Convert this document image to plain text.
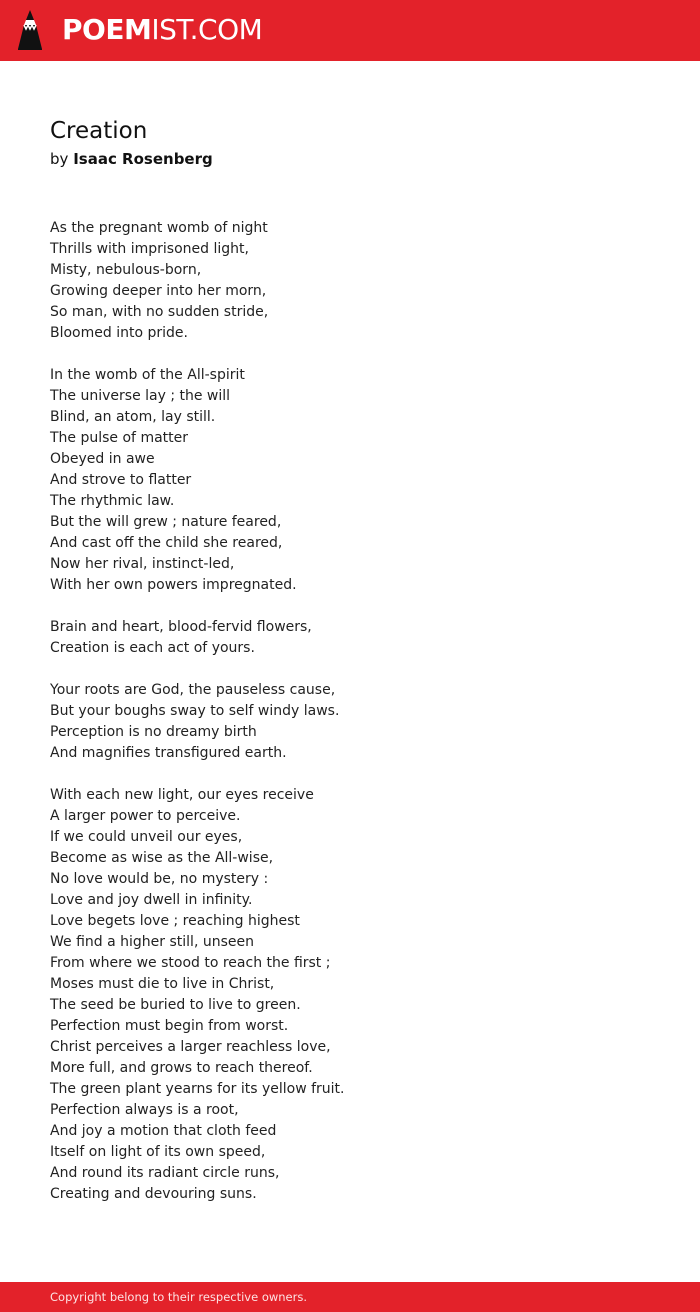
POEMIST.COM
Creation

by Isaac Rosenberg

As the pregnant womb of night
Thrills with imprisoned light,
Misty, nebulous-born,
Growing deeper into her morn,
So man, with no sudden stride,
Bloomed into pride.
In the womb of the All-spirit
The universe lay ; the will
Blind, an atom, lay still.
The pulse of matter
Obeyed in awe
And strove to flatter
The rhythmic law.
But the will grew ; nature feared,
And cast off the child she reared,
Now her rival, instinct-led,
With her own powers impregnated.
Brain and heart, blood-fervid flowers,
Creation is each act of yours.
Your roots are God, the pauseless cause,
But your boughs sway to self windy laws.
Perception is no dreamy birth
And magnifies transfigured earth.
With each new light, our eyes receive
A larger power to perceive.
If we could unveil our eyes,
Become as wise as the All-wise,
No love would be, no mystery :
Love and joy dwell in infinity.
Love begets love ; reaching highest
We find a higher still, unseen
From where we stood to reach the first ;
Moses must die to live in Christ,
The seed be buried to live to green.
Perfection must begin from worst.
Christ perceives a larger reachless love,
More full, and grows to reach thereof.
The green plant yearns for its yellow fruit.
Perfection always is a root,
And joy a motion that cloth feed
Itself on light of its own speed,
And round its radiant circle runs,
Creating and devouring suns.
Copyright belong to their respective owners.
